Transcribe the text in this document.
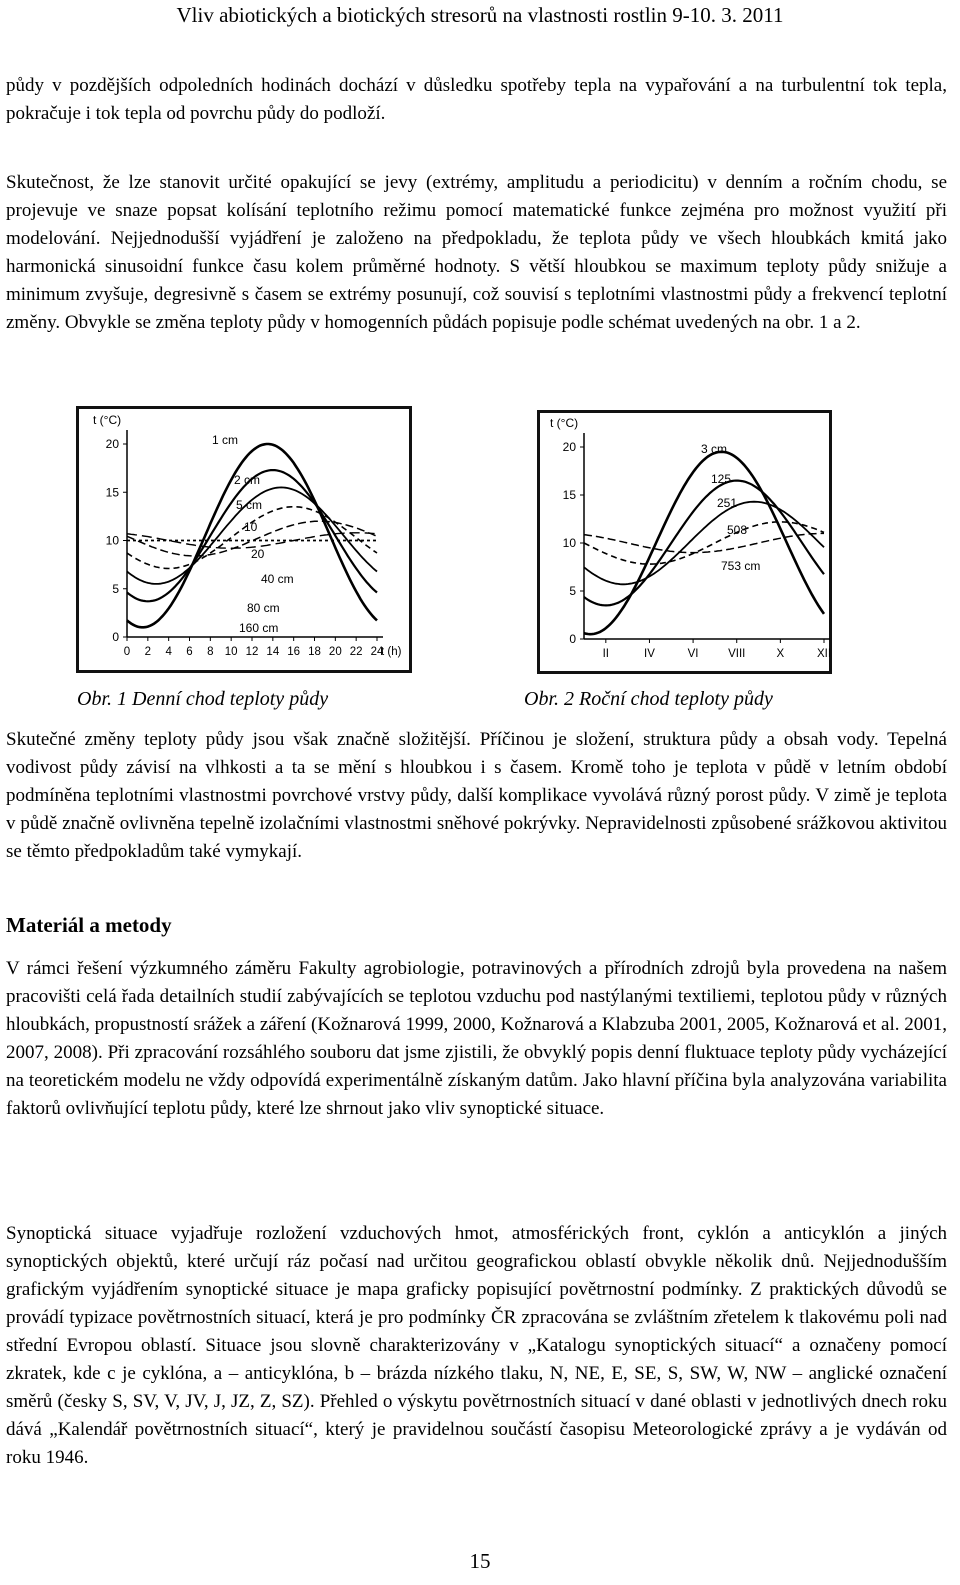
Vliv abiotických a biotických stresorů na vlastnosti rostlin 9-10. 3. 2011

půdy v pozdějších odpoledních hodinách dochází v důsledku spotřeby tepla na vypařování a na turbulentní tok tepla, pokračuje i tok tepla od povrchu půdy do podloží.

Skutečnost, že lze stanovit určité opakující se jevy (extrémy, amplitudu a periodicitu) v denním a ročním chodu, se projevuje ve snaze popsat kolísání teplotního režimu pomocí matematické funkce zejména pro možnost využití při modelování. Nejjednodušší vyjádření je založeno na předpokladu, že teplota půdy ve všech hloubkách kmitá jako harmonická sinusoidní funkce času kolem průměrné hodnoty. S větší hloubkou se maximum teploty půdy snižuje a minimum zvyšuje, degresivně s časem se extrémy posunují, což souvisí s teplotními vlastnostmi půdy a frekvencí teplotní změny. Obvykle se změna teploty půdy v homogenních půdách popisuje podle schémat uvedených na obr. 1 a 2.

t (°C)
0
5
10
15
20
0 2 4 6 8 10 12 14 16 18 20 22 24
t (h)
1 cm
2 cm
5 cm
10
20
40 cm
80 cm
160 cm
t (°C)
0
5
10
15
20
II	IV	VI	VIII	X	XII
3 cm
125
251
508
753 cm
Obr. 1 Denní chod teploty půdy	Obr. 2 Roční chod teploty půdy

Skutečné změny teploty půdy jsou však značně složitější. Příčinou je složení, struktura půdy a obsah vody. Tepelná vodivost půdy závisí na vlhkosti a ta se mění s hloubkou i s časem. Kromě toho je teplota v půdě v letním období podmíněna teplotními vlastnostmi povrchové vrstvy půdy, další komplikace vyvolává různý porost půdy. V zimě je teplota v půdě značně ovlivněna tepelně izolačními vlastnostmi sněhové pokrývky. Nepravidelnosti způsobené srážkovou aktivitou se těmto předpokladům také vymykají.

Materiál a metody

V rámci řešení výzkumného záměru Fakulty agrobiologie, potravinových a přírodních zdrojů byla provedena na našem pracovišti celá řada detailních studií zabývajících se teplotou vzduchu pod nastýlanými textiliemi, teplotou půdy v různých hloubkách, propustností srážek a záření (Kožnarová 1999, 2000, Kožnarová a Klabzuba 2001, 2005, Kožnarová et al. 2001, 2007, 2008). Při zpracování rozsáhlého souboru dat jsme zjistili, že obvyklý popis denní fluktuace teploty půdy vycházející na teoretickém modelu ne vždy odpovídá experimentálně získaným datům. Jako hlavní příčina byla analyzována variabilita faktorů ovlivňující teplotu půdy, které lze shrnout jako vliv synoptické situace.

Synoptická situace vyjadřuje rozložení vzduchových hmot, atmosférických front, cyklón a anticyklón a jiných synoptických objektů, které určují ráz počasí nad určitou geografickou oblastí obvykle několik dnů. Nejjednodušším grafickým vyjádřením synoptické situace je mapa graficky popisující povětrnostní podmínky. Z praktických důvodů se provádí typizace povětrnostních situací, která je pro podmínky ČR zpracována se zvláštním zřetelem k tlakovému poli nad střední Evropou oblastí. Situace jsou slovně charakterizovány v „Katalogu synoptických situací“ a označeny pomocí zkratek, kde c je cyklóna, a – anticyklóna, b – brázda nízkého tlaku, N, NE, E, SE, S, SW, W, NW – anglické označení směrů (česky S, SV, V, JV, J, JZ, Z, SZ). Přehled o výskytu povětrnostních situací v dané oblasti v jednotlivých dnech roku dává „Kalendář povětrnostních situací“, který je pravidelnou součástí časopisu Meteorologické zprávy a je vydáván od roku 1946.

15
